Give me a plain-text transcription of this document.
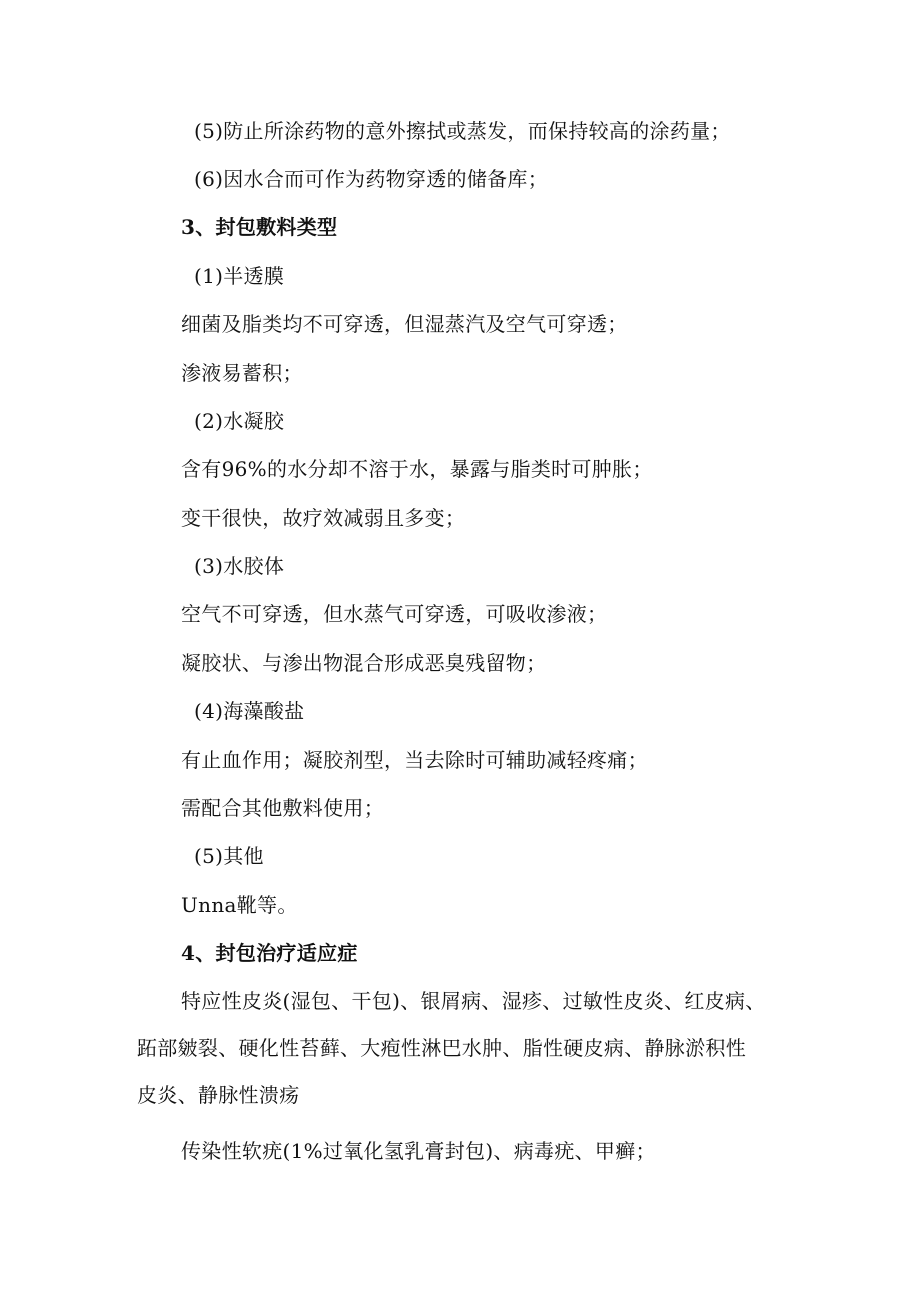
(5)防止所涂药物的意外擦拭或蒸发，而保持较高的涂药量；
(6)因水合而可作为药物穿透的储备库；
3、封包敷料类型
(1)半透膜
细菌及脂类均不可穿透，但湿蒸汽及空气可穿透；
渗液易蓄积；
(2)水凝胶
含有96%的水分却不溶于水，暴露与脂类时可肿胀；
变干很快，故疗效减弱且多变；
(3)水胶体
空气不可穿透，但水蒸气可穿透，可吸收渗液；
凝胶状、与渗出物混合形成恶臭残留物；
(4)海藻酸盐
有止血作用；凝胶剂型，当去除时可辅助减轻疼痛；
需配合其他敷料使用；
(5)其他
Unna靴等。
4、封包治疗适应症
特应性皮炎(湿包、干包)、银屑病、湿疹、过敏性皮炎、红皮病、
跖部皴裂、硬化性苔藓、大疱性淋巴水肿、脂性硬皮病、静脉淤积性
皮炎、静脉性溃疡
传染性软疣(1%过氧化氢乳膏封包)、病毒疣、甲癣；
